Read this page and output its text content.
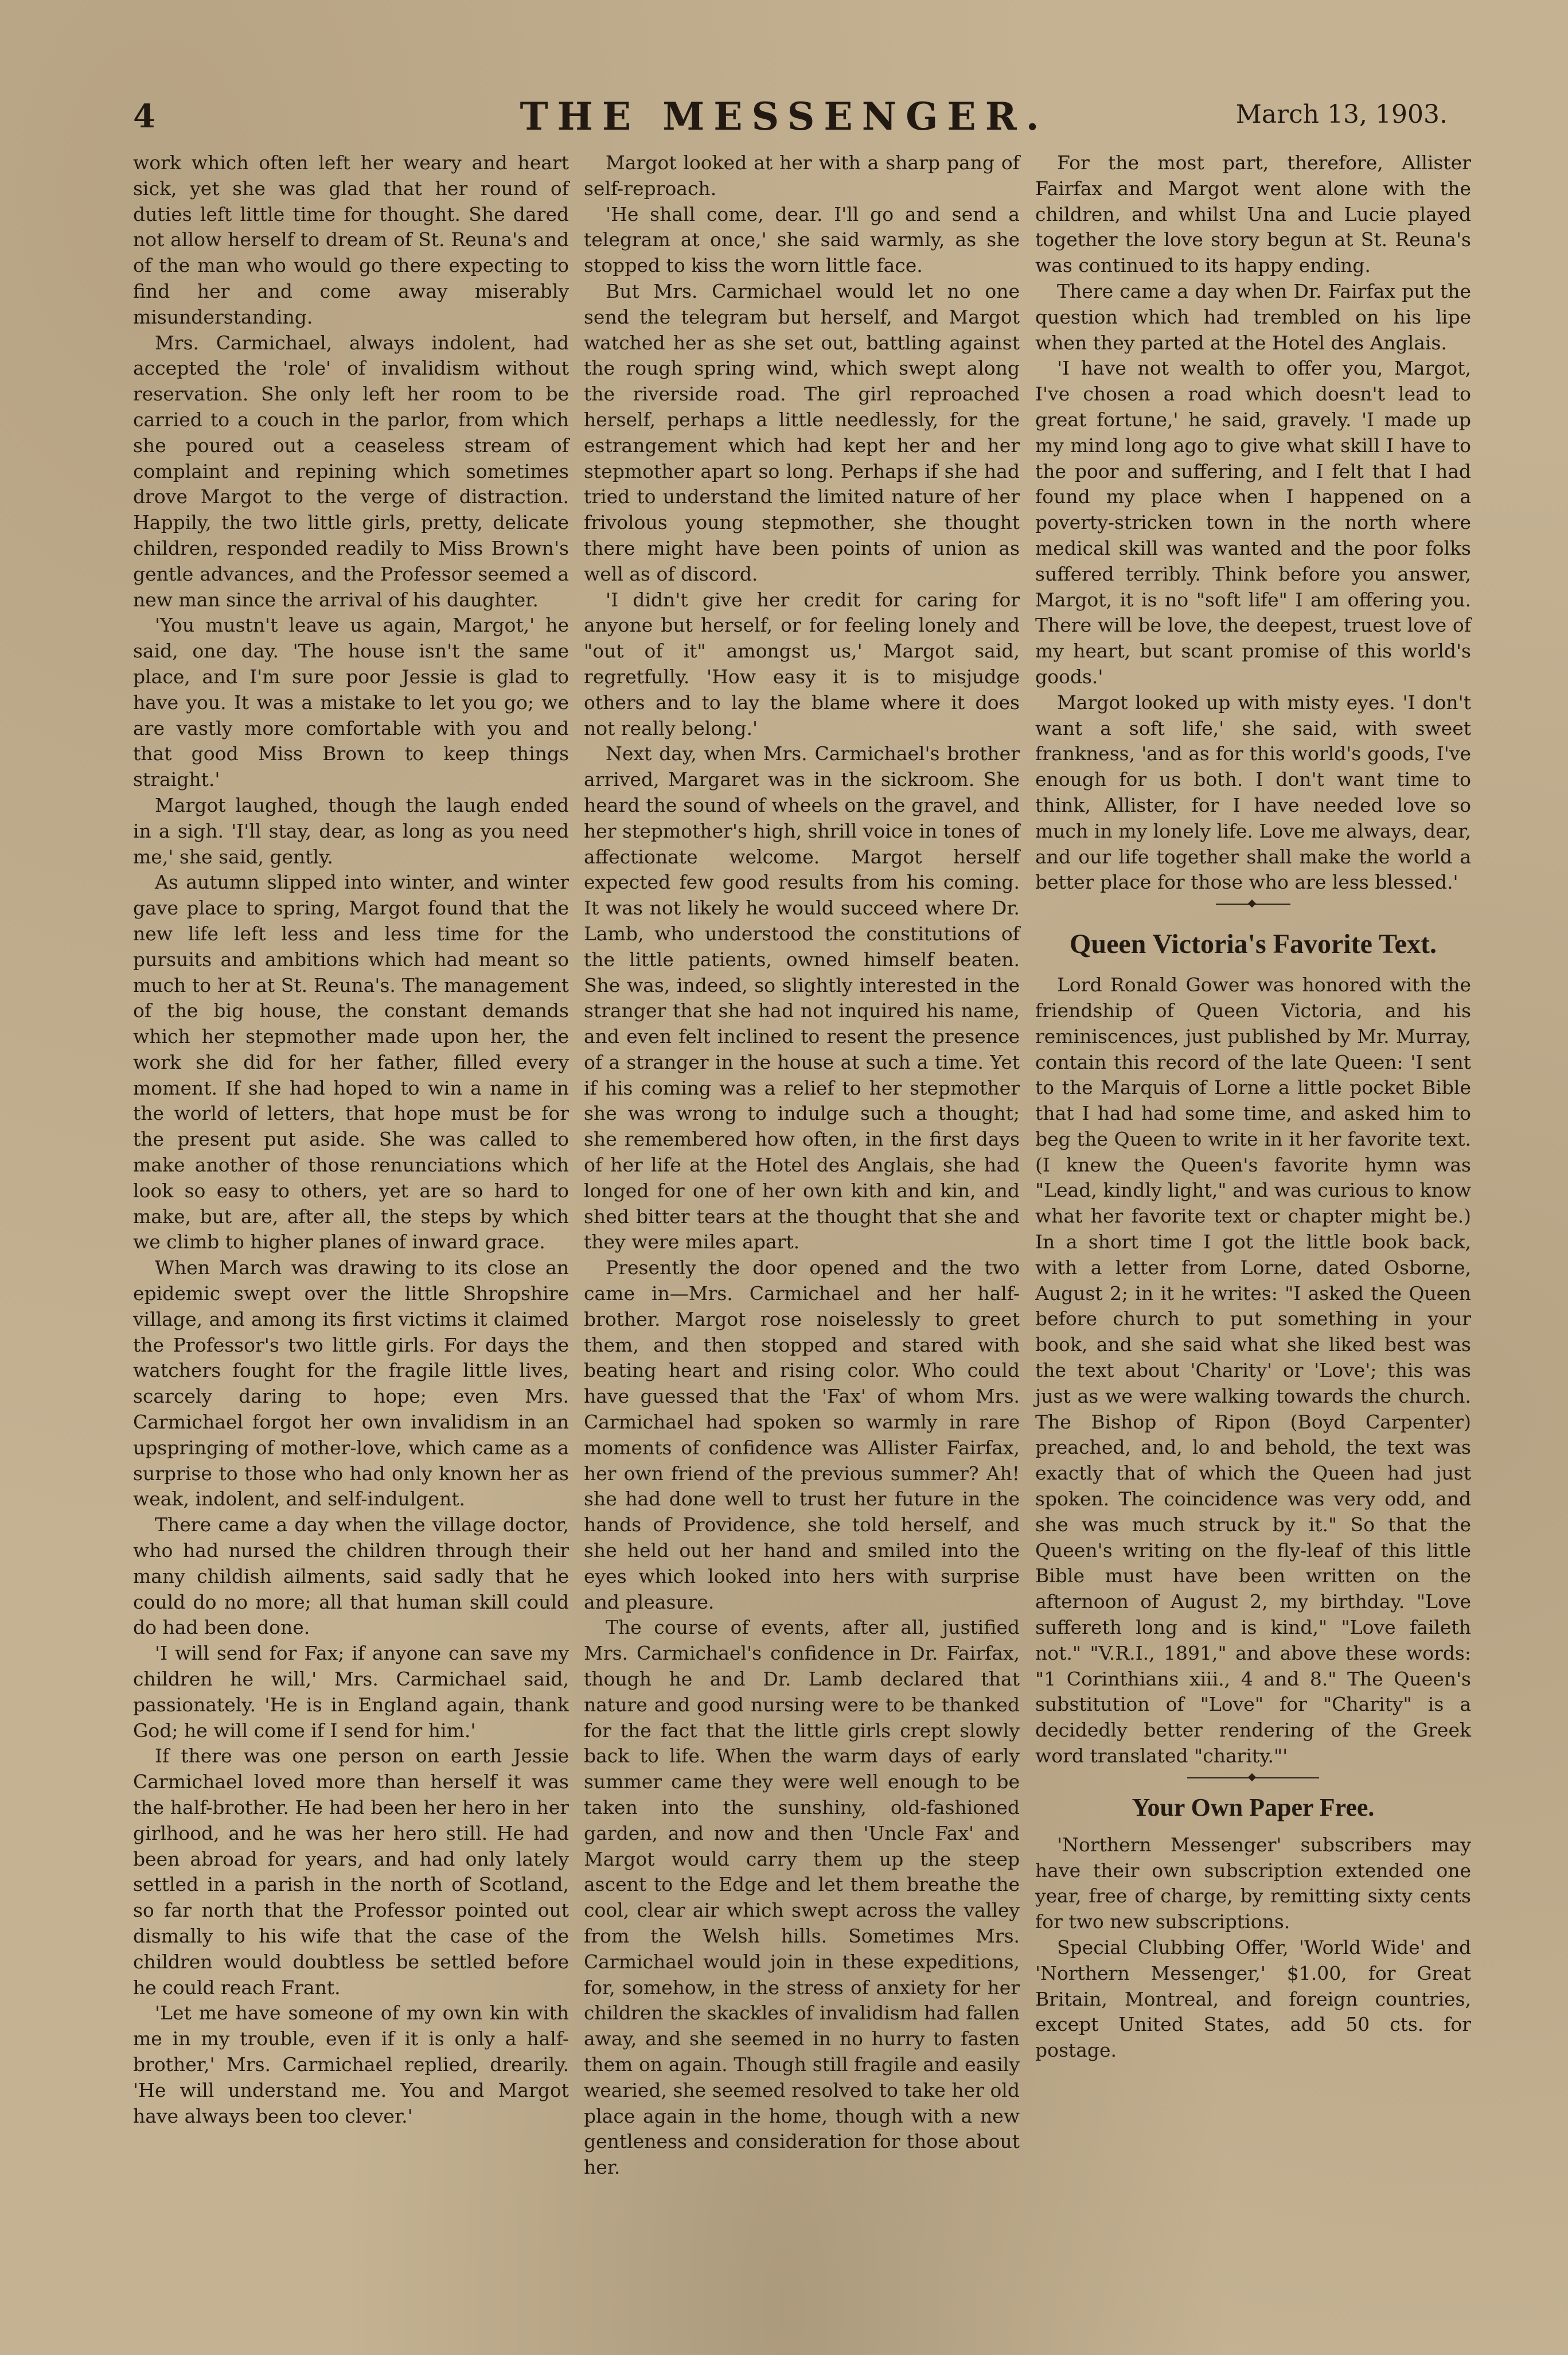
4	THE MESSENGER.	March 13, 1903.

work which often left her weary and heart sick, yet she was glad that her round of duties left little time for thought. She dared not allow herself to dream of St. Reuna's and of the man who would go there expecting to find her and come away miserably misunderstanding.

Mrs. Carmichael, always indolent, had accepted the 'role' of invalidism without reservation. She only left her room to be carried to a couch in the parlor, from which she poured out a ceaseless stream of complaint and repining which sometimes drove Margot to the verge of distraction. Happily, the two little girls, pretty, delicate children, responded readily to Miss Brown's gentle advances, and the Professor seemed a new man since the arrival of his daughter.

'You mustn't leave us again, Margot,' he said, one day. 'The house isn't the same place, and I'm sure poor Jessie is glad to have you. It was a mistake to let you go; we are vastly more comfortable with you and that good Miss Brown to keep things straight.'

Margot laughed, though the laugh ended in a sigh. 'I'll stay, dear, as long as you need me,' she said, gently.

As autumn slipped into winter, and winter gave place to spring, Margot found that the new life left less and less time for the pursuits and ambitions which had meant so much to her at St. Reuna's. The management of the big house, the constant demands which her stepmother made upon her, the work she did for her father, filled every moment. If she had hoped to win a name in the world of letters, that hope must be for the present put aside. She was called to make another of those renunciations which look so easy to others, yet are so hard to make, but are, after all, the steps by which we climb to higher planes of inward grace.

When March was drawing to its close an epidemic swept over the little Shropshire village, and among its first victims it claimed the Professor's two little girls. For days the watchers fought for the fragile little lives, scarcely daring to hope; even Mrs. Carmichael forgot her own invalidism in an upspringing of mother-love, which came as a surprise to those who had only known her as weak, indolent, and self-indulgent.

There came a day when the village doctor, who had nursed the children through their many childish ailments, said sadly that he could do no more; all that human skill could do had been done.

'I will send for Fax; if anyone can save my children he will,' Mrs. Carmichael said, passionately. 'He is in England again, thank God; he will come if I send for him.'

If there was one person on earth Jessie Carmichael loved more than herself it was the half-brother. He had been her hero in her girlhood, and he was her hero still. He had been abroad for years, and had only lately settled in a parish in the north of Scotland, so far north that the Professor pointed out dismally to his wife that the case of the children would doubtless be settled before he could reach Frant.

'Let me have someone of my own kin with me in my trouble, even if it is only a half-brother,' Mrs. Carmichael replied, drearily. 'He will understand me. You and Margot have always been too clever.'

Margot looked at her with a sharp pang of self-reproach.

'He shall come, dear. I'll go and send a telegram at once,' she said warmly, as she stopped to kiss the worn little face.

But Mrs. Carmichael would let no one send the telegram but herself, and Margot watched her as she set out, battling against the rough spring wind, which swept along the riverside road. The girl reproached herself, perhaps a little needlessly, for the estrangement which had kept her and her stepmother apart so long. Perhaps if she had tried to understand the limited nature of her frivolous young stepmother, she thought there might have been points of union as well as of discord.

'I didn't give her credit for caring for anyone but herself, or for feeling lonely and "out of it" amongst us,' Margot said, regretfully. 'How easy it is to misjudge others and to lay the blame where it does not really belong.'

Next day, when Mrs. Carmichael's brother arrived, Margaret was in the sickroom. She heard the sound of wheels on the gravel, and her stepmother's high, shrill voice in tones of affectionate welcome. Margot herself expected few good results from his coming. It was not likely he would succeed where Dr. Lamb, who understood the constitutions of the little patients, owned himself beaten. She was, indeed, so slightly interested in the stranger that she had not inquired his name, and even felt inclined to resent the presence of a stranger in the house at such a time. Yet if his coming was a relief to her stepmother she was wrong to indulge such a thought; she remembered how often, in the first days of her life at the Hotel des Anglais, she had longed for one of her own kith and kin, and shed bitter tears at the thought that she and they were miles apart.

Presently the door opened and the two came in—Mrs. Carmichael and her half-brother. Margot rose noiselessly to greet them, and then stopped and stared with beating heart and rising color. Who could have guessed that the 'Fax' of whom Mrs. Carmichael had spoken so warmly in rare moments of confidence was Allister Fairfax, her own friend of the previous summer? Ah! she had done well to trust her future in the hands of Providence, she told herself, and she held out her hand and smiled into the eyes which looked into hers with surprise and pleasure.

The course of events, after all, justified Mrs. Carmichael's confidence in Dr. Fairfax, though he and Dr. Lamb declared that nature and good nursing were to be thanked for the fact that the little girls crept slowly back to life. When the warm days of early summer came they were well enough to be taken into the sunshiny, old-fashioned garden, and now and then 'Uncle Fax' and Margot would carry them up the steep ascent to the Edge and let them breathe the cool, clear air which swept across the valley from the Welsh hills. Sometimes Mrs. Carmichael would join in these expeditions, for, somehow, in the stress of anxiety for her children the skackles of invalidism had fallen away, and she seemed in no hurry to fasten them on again. Though still fragile and easily wearied, she seemed resolved to take her old place again in the home, though with a new gentleness and consideration for those about her.

For the most part, therefore, Allister Fairfax and Margot went alone with the children, and whilst Una and Lucie played together the love story begun at St. Reuna's was continued to its happy ending.

There came a day when Dr. Fairfax put the question which had trembled on his lipe when they parted at the Hotel des Anglais.

'I have not wealth to offer you, Margot, I've chosen a road which doesn't lead to great fortune,' he said, gravely. 'I made up my mind long ago to give what skill I have to the poor and suffering, and I felt that I had found my place when I happened on a poverty-stricken town in the north where medical skill was wanted and the poor folks suffered terribly. Think before you answer, Margot, it is no "soft life" I am offering you. There will be love, the deepest, truest love of my heart, but scant promise of this world's goods.'

Margot looked up with misty eyes. 'I don't want a soft life,' she said, with sweet frankness, 'and as for this world's goods, I've enough for us both. I don't want time to think, Allister, for I have needed love so much in my lonely life. Love me always, dear, and our life together shall make the world a better place for those who are less blessed.'

Queen Victoria's Favorite Text.

Lord Ronald Gower was honored with the friendship of Queen Victoria, and his reminiscences, just published by Mr. Murray, contain this record of the late Queen: 'I sent to the Marquis of Lorne a little pocket Bible that I had had some time, and asked him to beg the Queen to write in it her favorite text. (I knew the Queen's favorite hymn was "Lead, kindly light," and was curious to know what her favorite text or chapter might be.) In a short time I got the little book back, with a letter from Lorne, dated Osborne, August 2; in it he writes: "I asked the Queen before church to put something in your book, and she said what she liked best was the text about 'Charity' or 'Love'; this was just as we were walking towards the church. The Bishop of Ripon (Boyd Carpenter) preached, and, lo and behold, the text was exactly that of which the Queen had just spoken. The coincidence was very odd, and she was much struck by it." So that the Queen's writing on the fly-leaf of this little Bible must have been written on the afternoon of August 2, my birthday. "Love suffereth long and is kind," "Love faileth not." "V.R.I., 1891," and above these words: "1 Corinthians xiii., 4 and 8." The Queen's substitution of "Love" for "Charity" is a decidedly better rendering of the Greek word translated "charity."'

Your Own Paper Free.

'Northern Messenger' subscribers may have their own subscription extended one year, free of charge, by remitting sixty cents for two new subscriptions.

Special Clubbing Offer, 'World Wide' and 'Northern Messenger,' $1.00, for Great Britain, Montreal, and foreign countries, except United States, add 50 cts. for postage.
